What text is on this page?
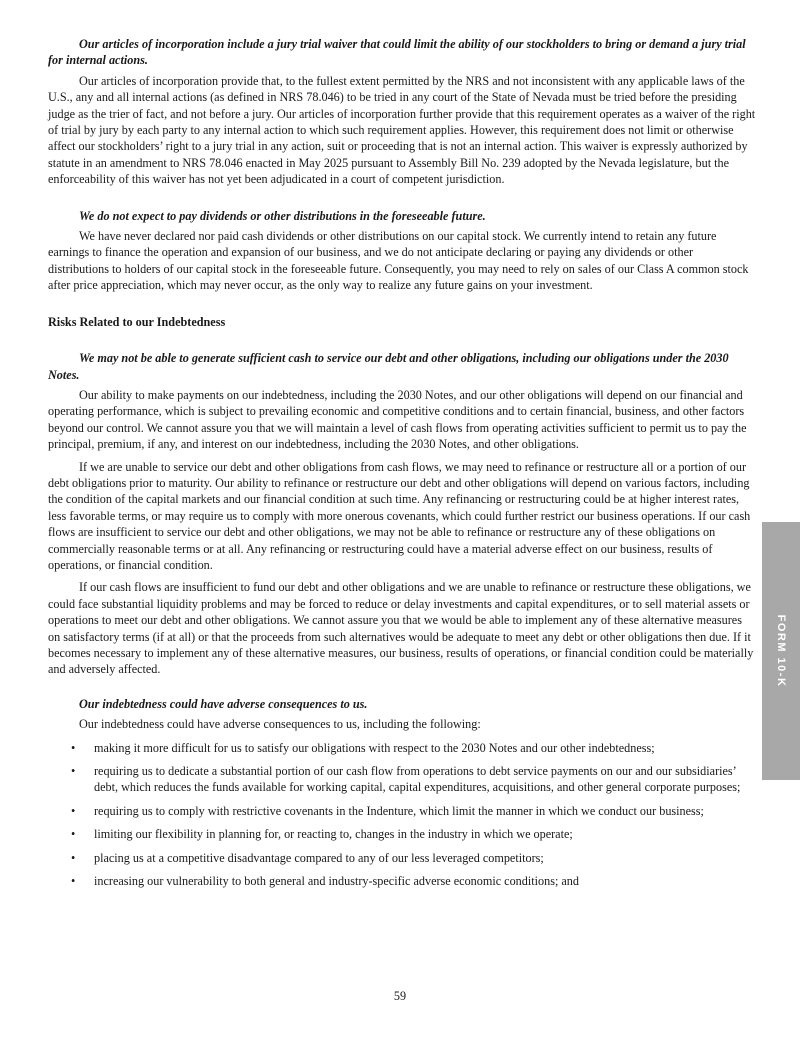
Our articles of incorporation include a jury trial waiver that could limit the ability of our stockholders to bring or demand a jury trial for internal actions.

Our articles of incorporation provide that, to the fullest extent permitted by the NRS and not inconsistent with any applicable laws of the U.S., any and all internal actions (as defined in NRS 78.046) to be tried in any court of the State of Nevada must be tried before the presiding judge as the trier of fact, and not before a jury. Our articles of incorporation further provide that this requirement operates as a waiver of the right of trial by jury by each party to any internal action to which such requirement applies. However, this requirement does not limit or otherwise affect our stockholders’ right to a jury trial in any action, suit or proceeding that is not an internal action. This waiver is expressly authorized by statute in an amendment to NRS 78.046 enacted in May 2025 pursuant to Assembly Bill No. 239 adopted by the Nevada legislature, but the enforceability of this waiver has not yet been adjudicated in a court of competent jurisdiction.

We do not expect to pay dividends or other distributions in the foreseeable future.

We have never declared nor paid cash dividends or other distributions on our capital stock. We currently intend to retain any future earnings to finance the operation and expansion of our business, and we do not anticipate declaring or paying any dividends or other distributions to holders of our capital stock in the foreseeable future. Consequently, you may need to rely on sales of our Class A common stock after price appreciation, which may never occur, as the only way to realize any future gains on your investment.

Risks Related to our Indebtedness

We may not be able to generate sufficient cash to service our debt and other obligations, including our obligations under the 2030 Notes.

Our ability to make payments on our indebtedness, including the 2030 Notes, and our other obligations will depend on our financial and operating performance, which is subject to prevailing economic and competitive conditions and to certain financial, business, and other factors beyond our control. We cannot assure you that we will maintain a level of cash flows from operating activities sufficient to permit us to pay the principal, premium, if any, and interest on our indebtedness, including the 2030 Notes, and other obligations.

If we are unable to service our debt and other obligations from cash flows, we may need to refinance or restructure all or a portion of our debt obligations prior to maturity. Our ability to refinance or restructure our debt and other obligations will depend on various factors, including the condition of the capital markets and our financial condition at such time. Any refinancing or restructuring could be at higher interest rates, less favorable terms, or may require us to comply with more onerous covenants, which could further restrict our business operations. If our cash flows are insufficient to service our debt and other obligations, we may not be able to refinance or restructure any of these obligations on commercially reasonable terms or at all. Any refinancing or restructuring could have a material adverse effect on our business, results of operations, or financial condition.

If our cash flows are insufficient to fund our debt and other obligations and we are unable to refinance or restructure these obligations, we could face substantial liquidity problems and may be forced to reduce or delay investments and capital expenditures, or to sell material assets or operations to meet our debt and other obligations. We cannot assure you that we would be able to implement any of these alternative measures on satisfactory terms (if at all) or that the proceeds from such alternatives would be adequate to meet any debt or other obligations then due. If it becomes necessary to implement any of these alternative measures, our business, results of operations, or financial condition could be materially and adversely affected.

Our indebtedness could have adverse consequences to us.

Our indebtedness could have adverse consequences to us, including the following:

• making it more difficult for us to satisfy our obligations with respect to the 2030 Notes and our other indebtedness;
• requiring us to dedicate a substantial portion of our cash flow from operations to debt service payments on our and our subsidiaries’ debt, which reduces the funds available for working capital, capital expenditures, acquisitions, and other general corporate purposes;
• requiring us to comply with restrictive covenants in the Indenture, which limit the manner in which we conduct our business;
• limiting our flexibility in planning for, or reacting to, changes in the industry in which we operate;
• placing us at a competitive disadvantage compared to any of our less leveraged competitors;
• increasing our vulnerability to both general and industry-specific adverse economic conditions; and
FORM 10-K
59
